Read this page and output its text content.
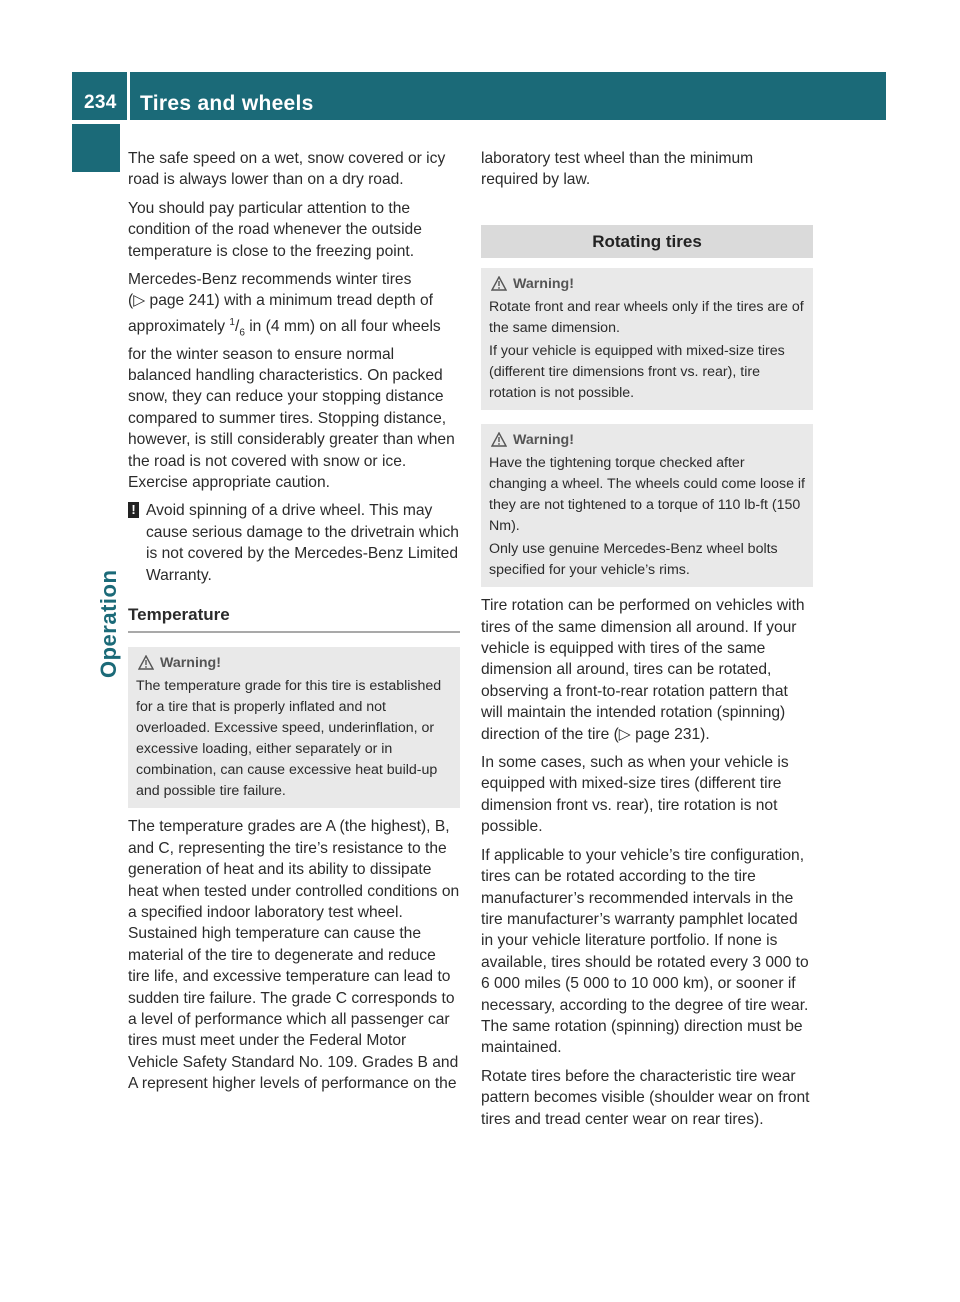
234 Tires and wheels
Operation

The safe speed on a wet, snow covered or icy road is always lower than on a dry road.

You should pay particular attention to the condition of the road whenever the outside temperature is close to the freezing point.

Mercedes-Benz recommends winter tires
(▷ page 241) with a minimum tread depth of approximately $^1/_6$ in (4 mm) on all four wheels for the winter season to ensure normal balanced handling characteristics. On packed snow, they can reduce your stopping distance compared to summer tires. Stopping distance, however, is still considerably greater than when the road is not covered with snow or ice. Exercise appropriate caution.

! Avoid spinning of a drive wheel. This may cause serious damage to the drivetrain which is not covered by the Mercedes-Benz Limited Warranty.

Temperature
Warning!

The temperature grade for this tire is established for a tire that is properly inflated and not overloaded. Excessive speed, underinflation, or excessive loading, either separately or in combination, can cause excessive heat build-up and possible tire failure.

The temperature grades are A (the highest), B, and C, representing the tire’s resistance to the generation of heat and its ability to dissipate heat when tested under controlled conditions on a specified indoor laboratory test wheel. Sustained high temperature can cause the material of the tire to degenerate and reduce tire life, and excessive temperature can lead to sudden tire failure. The grade C corresponds to a level of performance which all passenger car tires must meet under the Federal Motor Vehicle Safety Standard No. 109. Grades B and A represent higher levels of performance on the

laboratory test wheel than the minimum required by law.

Rotating tires
Warning!

Rotate front and rear wheels only if the tires are of the same dimension.

If your vehicle is equipped with mixed-size tires (different tire dimensions front vs. rear), tire rotation is not possible.

Warning!

Have the tightening torque checked after changing a wheel. The wheels could come loose if they are not tightened to a torque of 110 lb-ft (150 Nm).

Only use genuine Mercedes-Benz wheel bolts specified for your vehicle’s rims.

Tire rotation can be performed on vehicles with tires of the same dimension all around. If your vehicle is equipped with tires of the same dimension all around, tires can be rotated, observing a front-to-rear rotation pattern that will maintain the intended rotation (spinning) direction of the tire (▷ page 231).

In some cases, such as when your vehicle is equipped with mixed-size tires (different tire dimension front vs. rear), tire rotation is not possible.

If applicable to your vehicle’s tire configuration, tires can be rotated according to the tire manufacturer’s recommended intervals in the tire manufacturer’s warranty pamphlet located in your vehicle literature portfolio. If none is available, tires should be rotated every 3 000 to 6 000 miles (5 000 to 10 000 km), or sooner if necessary, according to the degree of tire wear. The same rotation (spinning) direction must be maintained.

Rotate tires before the characteristic tire wear pattern becomes visible (shoulder wear on front tires and tread center wear on rear tires).
